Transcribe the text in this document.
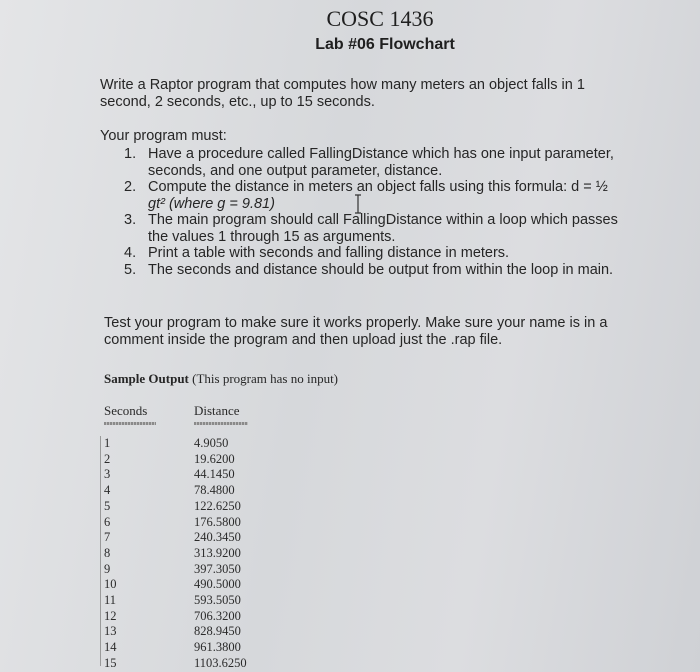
COSC 1436
Lab #06 Flowchart
Write a Raptor program that computes how many meters an object falls in 1
second, 2 seconds, etc., up to 15 seconds.
Your program must:
1. Have a procedure called FallingDistance which has one input parameter,
seconds, and one output parameter, distance.
2. Compute the distance in meters an object falls using this formula: d = ½
gt² (where g = 9.81)
3. The main program should call FallingDistance within a loop which passes
the values 1 through 15 as arguments.
4. Print a table with seconds and falling distance in meters.
5. The seconds and distance should be output from within the loop in main.
Test your program to make sure it works properly. Make sure your name is in a
comment inside the program and then upload just the .rap file.
Sample Output (This program has no input)
Seconds	Distance
1	4.9050
2	19.6200
3	44.1450
4	78.4800
5	122.6250
6	176.5800
7	240.3450
8	313.9200
9	397.3050
10	490.5000
11	593.5050
12	706.3200
13	828.9450
14	961.3800
15	1103.6250
